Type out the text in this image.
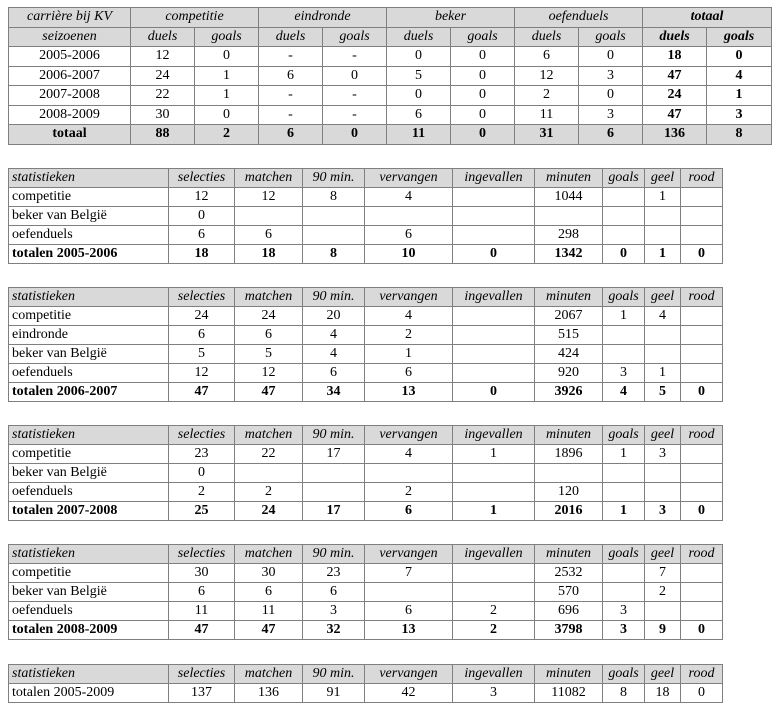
carrière bij KV	competitie		eindronde		beker		oefenduels		totaal	
seizoenen	duels	goals	duels	goals	duels	goals	duels	goals	duels	goals
2005-2006	12	0	-	-	0	0	6	0	18	0
2006-2007	24	1	6	0	5	0	12	3	47	4
2007-2008	22	1	-	-	0	0	2	0	24	1
2008-2009	30	0	-	-	6	0	11	3	47	3
totaal	88	2	6	0	11	0	31	6	136	8
statistieken	selecties	matchen	90 min.	vervangen	ingevallen	minuten	goals	geel	rood
competitie	12	12	8	4		1044		1	
beker van België	0								
oefenduels	6	6		6		298			
totalen 2005-2006	18	18	8	10	0	1342	0	1	0
statistieken	selecties	matchen	90 min.	vervangen	ingevallen	minuten	goals	geel	rood
competitie	24	24	20	4		2067	1	4	
eindronde	6	6	4	2		515			
beker van België	5	5	4	1		424			
oefenduels	12	12	6	6		920	3	1	
totalen 2006-2007	47	47	34	13	0	3926	4	5	0
statistieken	selecties	matchen	90 min.	vervangen	ingevallen	minuten	goals	geel	rood
competitie	23	22	17	4	1	1896	1	3	
beker van België	0								
oefenduels	2	2		2		120			
totalen 2007-2008	25	24	17	6	1	2016	1	3	0
statistieken	selecties	matchen	90 min.	vervangen	ingevallen	minuten	goals	geel	rood
competitie	30	30	23	7		2532		7	
beker van België	6	6	6			570		2	
oefenduels	11	11	3	6	2	696	3		
totalen 2008-2009	47	47	32	13	2	3798	3	9	0
statistieken	selecties	matchen	90 min.	vervangen	ingevallen	minuten	goals	geel	rood
totalen 2005-2009	137	136	91	42	3	11082	8	18	0
